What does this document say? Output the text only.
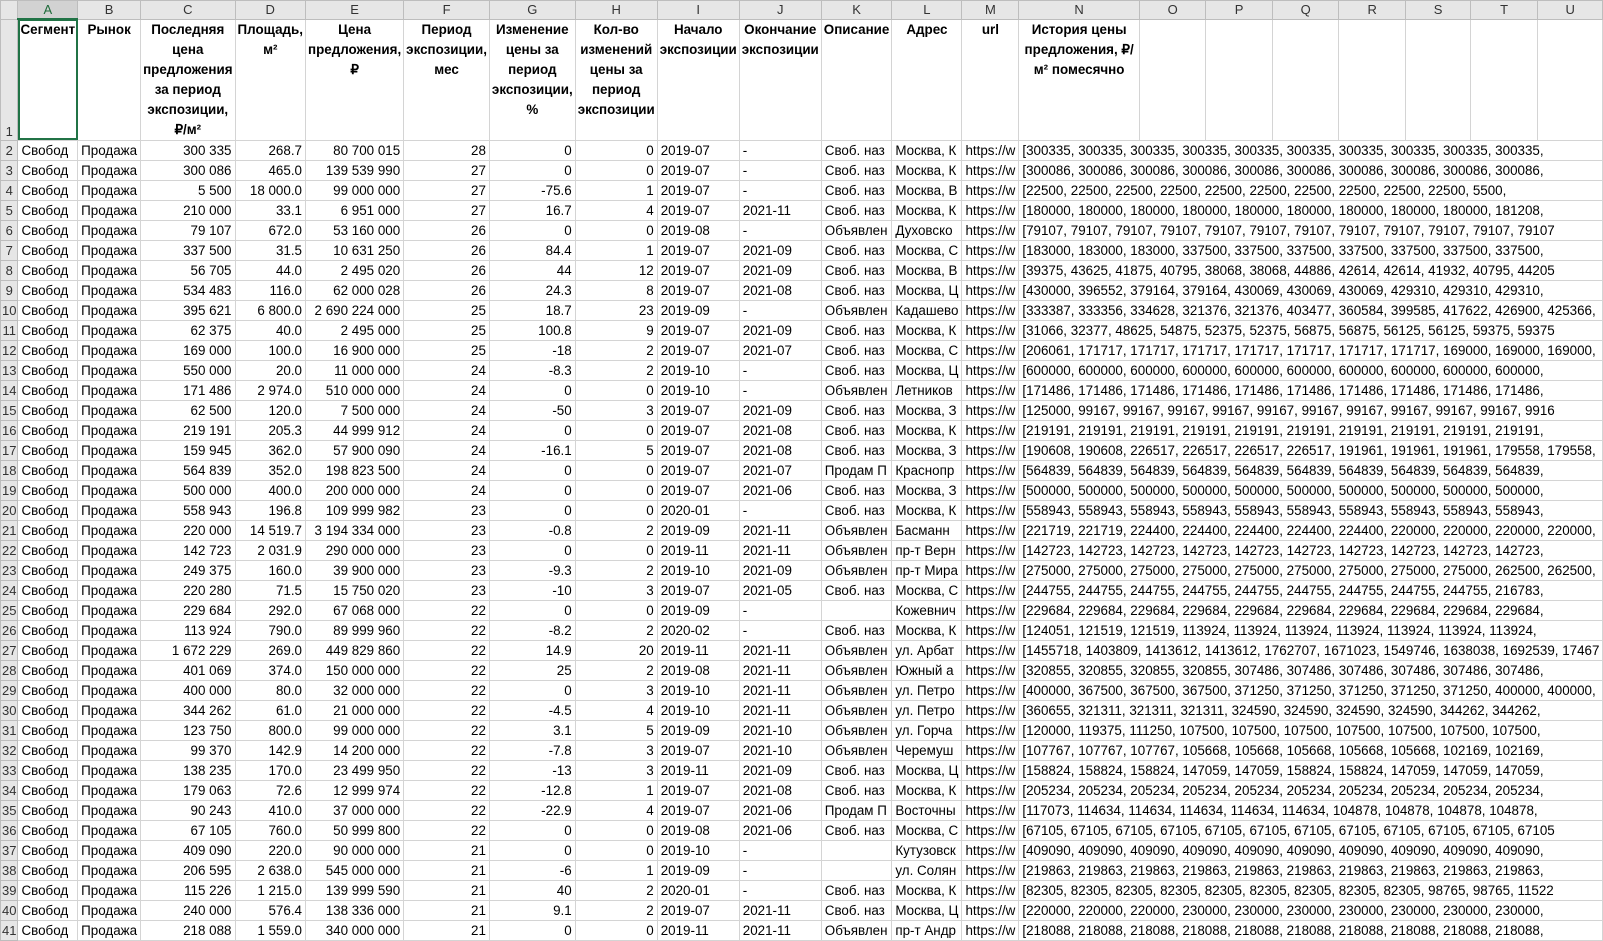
	A	B	C	D	E	F	G	H	I	J	K	L	M	N	O	P	Q	R	S	T	U
1	Сегмент	Рынок	Последняя цена предложения за период экспозиции, ₽/м²	Площадь, м²	Цена предложения, ₽	Период экспозиции, мес	Изменение цены за период экспозиции, %	Кол-во изменений цены за период экспозиции	Начало экспозиции	Окончание экспозиции	Описание	Адрес	url	История цены предложения, ₽/м² помесячно							
2	Свобод	Продажа	300 335	268.7	80 700 015	28	0	0	2019-07	-	Своб. наз	Москва, К	https://w	[300335, 300335, 300335, 300335, 300335, 300335, 300335, 300335, 300335, 300335,							
3	Свобод	Продажа	300 086	465.0	139 539 990	27	0	0	2019-07	-	Своб. наз	Москва, К	https://w	[300086, 300086, 300086, 300086, 300086, 300086, 300086, 300086, 300086, 300086,							
4	Свобод	Продажа	5 500	18 000.0	99 000 000	27	-75.6	1	2019-07	-	Своб. наз	Москва, В	https://w	[22500, 22500, 22500, 22500, 22500, 22500, 22500, 22500, 22500, 22500, 5500,							
5	Свобод	Продажа	210 000	33.1	6 951 000	27	16.7	4	2019-07	2021-11	Своб. наз	Москва, К	https://w	[180000, 180000, 180000, 180000, 180000, 180000, 180000, 180000, 180000, 181208,							
6	Свобод	Продажа	79 107	672.0	53 160 000	26	0	0	2019-08	-	Объявлен	Духовско	https://w	[79107, 79107, 79107, 79107, 79107, 79107, 79107, 79107, 79107, 79107, 79107, 79107							
7	Свобод	Продажа	337 500	31.5	10 631 250	26	84.4	1	2019-07	2021-09	Своб. наз	Москва, С	https://w	[183000, 183000, 183000, 337500, 337500, 337500, 337500, 337500, 337500, 337500,							
8	Свобод	Продажа	56 705	44.0	2 495 020	26	44	12	2019-07	2021-09	Своб. наз	Москва, В	https://w	[39375, 43625, 41875, 40795, 38068, 38068, 44886, 42614, 42614, 41932, 40795, 44205							
9	Свобод	Продажа	534 483	116.0	62 000 028	26	24.3	8	2019-07	2021-08	Своб. наз	Москва, Ц	https://w	[430000, 396552, 379164, 379164, 430069, 430069, 430069, 429310, 429310, 429310,							
10	Свобод	Продажа	395 621	6 800.0	2 690 224 000	25	18.7	23	2019-09	-	Объявлен	Кадашево	https://w	[333387, 333356, 334628, 321376, 321376, 403477, 360584, 399585, 417622, 426900, 425366,							
11	Свобод	Продажа	62 375	40.0	2 495 000	25	100.8	9	2019-07	2021-09	Своб. наз	Москва, К	https://w	[31066, 32377, 48625, 54875, 52375, 52375, 56875, 56875, 56125, 56125, 59375, 59375							
12	Свобод	Продажа	169 000	100.0	16 900 000	25	-18	2	2019-07	2021-07	Своб. наз	Москва, С	https://w	[206061, 171717, 171717, 171717, 171717, 171717, 171717, 171717, 169000, 169000, 169000,							
13	Свобод	Продажа	550 000	20.0	11 000 000	24	-8.3	2	2019-10	-	Своб. наз	Москва, Ц	https://w	[600000, 600000, 600000, 600000, 600000, 600000, 600000, 600000, 600000, 600000,							
14	Свобод	Продажа	171 486	2 974.0	510 000 000	24	0	0	2019-10	-	Объявлен	Летников	https://w	[171486, 171486, 171486, 171486, 171486, 171486, 171486, 171486, 171486, 171486,							
15	Свобод	Продажа	62 500	120.0	7 500 000	24	-50	3	2019-07	2021-09	Своб. наз	Москва, З	https://w	[125000, 99167, 99167, 99167, 99167, 99167, 99167, 99167, 99167, 99167, 99167, 9916							
16	Свобод	Продажа	219 191	205.3	44 999 912	24	0	0	2019-07	2021-08	Своб. наз	Москва, К	https://w	[219191, 219191, 219191, 219191, 219191, 219191, 219191, 219191, 219191, 219191,							
17	Свобод	Продажа	159 945	362.0	57 900 090	24	-16.1	5	2019-07	2021-08	Своб. наз	Москва, З	https://w	[190608, 190608, 226517, 226517, 226517, 226517, 191961, 191961, 191961, 179558, 179558,							
18	Свобод	Продажа	564 839	352.0	198 823 500	24	0	0	2019-07	2021-07	Продам П	Краснопр	https://w	[564839, 564839, 564839, 564839, 564839, 564839, 564839, 564839, 564839, 564839,							
19	Свобод	Продажа	500 000	400.0	200 000 000	24	0	0	2019-07	2021-06	Своб. наз	Москва, З	https://w	[500000, 500000, 500000, 500000, 500000, 500000, 500000, 500000, 500000, 500000,							
20	Свобод	Продажа	558 943	196.8	109 999 982	23	0	0	2020-01	-	Своб. наз	Москва, К	https://w	[558943, 558943, 558943, 558943, 558943, 558943, 558943, 558943, 558943, 558943,							
21	Свобод	Продажа	220 000	14 519.7	3 194 334 000	23	-0.8	2	2019-09	2021-11	Объявлен	Басманн	https://w	[221719, 221719, 224400, 224400, 224400, 224400, 224400, 220000, 220000, 220000, 220000,							
22	Свобод	Продажа	142 723	2 031.9	290 000 000	23	0	0	2019-11	2021-11	Объявлен	пр-т Верн	https://w	[142723, 142723, 142723, 142723, 142723, 142723, 142723, 142723, 142723, 142723,							
23	Свобод	Продажа	249 375	160.0	39 900 000	23	-9.3	2	2019-10	2021-09	Объявлен	пр-т Мира	https://w	[275000, 275000, 275000, 275000, 275000, 275000, 275000, 275000, 275000, 262500, 262500,							
24	Свобод	Продажа	220 280	71.5	15 750 020	23	-10	3	2019-07	2021-05	Своб. наз	Москва, С	https://w	[244755, 244755, 244755, 244755, 244755, 244755, 244755, 244755, 244755, 216783,							
25	Свобод	Продажа	229 684	292.0	67 068 000	22	0	0	2019-09	-		Кожевнич	https://w	[229684, 229684, 229684, 229684, 229684, 229684, 229684, 229684, 229684, 229684,							
26	Свобод	Продажа	113 924	790.0	89 999 960	22	-8.2	2	2020-02	-	Своб. наз	Москва, К	https://w	[124051, 121519, 121519, 113924, 113924, 113924, 113924, 113924, 113924, 113924,							
27	Свобод	Продажа	1 672 229	269.0	449 829 860	22	14.9	20	2019-11	2021-11	Объявлен	ул. Арбат	https://w	[1455718, 1403809, 1413612, 1413612, 1762707, 1671023, 1549746, 1638038, 1692539, 17467							
28	Свобод	Продажа	401 069	374.0	150 000 000	22	25	2	2019-08	2021-11	Объявлен	Южный а	https://w	[320855, 320855, 320855, 320855, 307486, 307486, 307486, 307486, 307486, 307486,							
29	Свобод	Продажа	400 000	80.0	32 000 000	22	0	3	2019-10	2021-11	Объявлен	ул. Петро	https://w	[400000, 367500, 367500, 367500, 371250, 371250, 371250, 371250, 371250, 400000, 400000,							
30	Свобод	Продажа	344 262	61.0	21 000 000	22	-4.5	4	2019-10	2021-11	Объявлен	ул. Петро	https://w	[360655, 321311, 321311, 321311, 324590, 324590, 324590, 324590, 344262, 344262,							
31	Свобод	Продажа	123 750	800.0	99 000 000	22	3.1	5	2019-09	2021-10	Объявлен	ул. Горча	https://w	[120000, 119375, 111250, 107500, 107500, 107500, 107500, 107500, 107500, 107500,							
32	Свобод	Продажа	99 370	142.9	14 200 000	22	-7.8	3	2019-07	2021-10	Объявлен	Черемуш	https://w	[107767, 107767, 107767, 105668, 105668, 105668, 105668, 105668, 102169, 102169,							
33	Свобод	Продажа	138 235	170.0	23 499 950	22	-13	3	2019-11	2021-09	Своб. наз	Москва, Ц	https://w	[158824, 158824, 158824, 147059, 147059, 158824, 158824, 147059, 147059, 147059,							
34	Свобод	Продажа	179 063	72.6	12 999 974	22	-12.8	1	2019-07	2021-08	Своб. наз	Москва, К	https://w	[205234, 205234, 205234, 205234, 205234, 205234, 205234, 205234, 205234, 205234,							
35	Свобод	Продажа	90 243	410.0	37 000 000	22	-22.9	4	2019-07	2021-06	Продам П	Восточны	https://w	[117073, 114634, 114634, 114634, 114634, 114634, 104878, 104878, 104878, 104878,							
36	Свобод	Продажа	67 105	760.0	50 999 800	22	0	0	2019-08	2021-06	Своб. наз	Москва, С	https://w	[67105, 67105, 67105, 67105, 67105, 67105, 67105, 67105, 67105, 67105, 67105, 67105							
37	Свобод	Продажа	409 090	220.0	90 000 000	21	0	0	2019-10	-		Кутузовск	https://w	[409090, 409090, 409090, 409090, 409090, 409090, 409090, 409090, 409090, 409090,							
38	Свобод	Продажа	206 595	2 638.0	545 000 000	21	-6	1	2019-09	-		ул. Солян	https://w	[219863, 219863, 219863, 219863, 219863, 219863, 219863, 219863, 219863, 219863,							
39	Свобод	Продажа	115 226	1 215.0	139 999 590	21	40	2	2020-01	-	Своб. наз	Москва, К	https://w	[82305, 82305, 82305, 82305, 82305, 82305, 82305, 82305, 82305, 98765, 98765, 11522							
40	Свобод	Продажа	240 000	576.4	138 336 000	21	9.1	2	2019-07	2021-11	Своб. наз	Москва, Ц	https://w	[220000, 220000, 220000, 230000, 230000, 230000, 230000, 230000, 230000, 230000,							
41	Свобод	Продажа	218 088	1 559.0	340 000 000	21	0	0	2019-11	2021-11	Объявлен	пр-т Андр	https://w	[218088, 218088, 218088, 218088, 218088, 218088, 218088, 218088, 218088, 218088,							
